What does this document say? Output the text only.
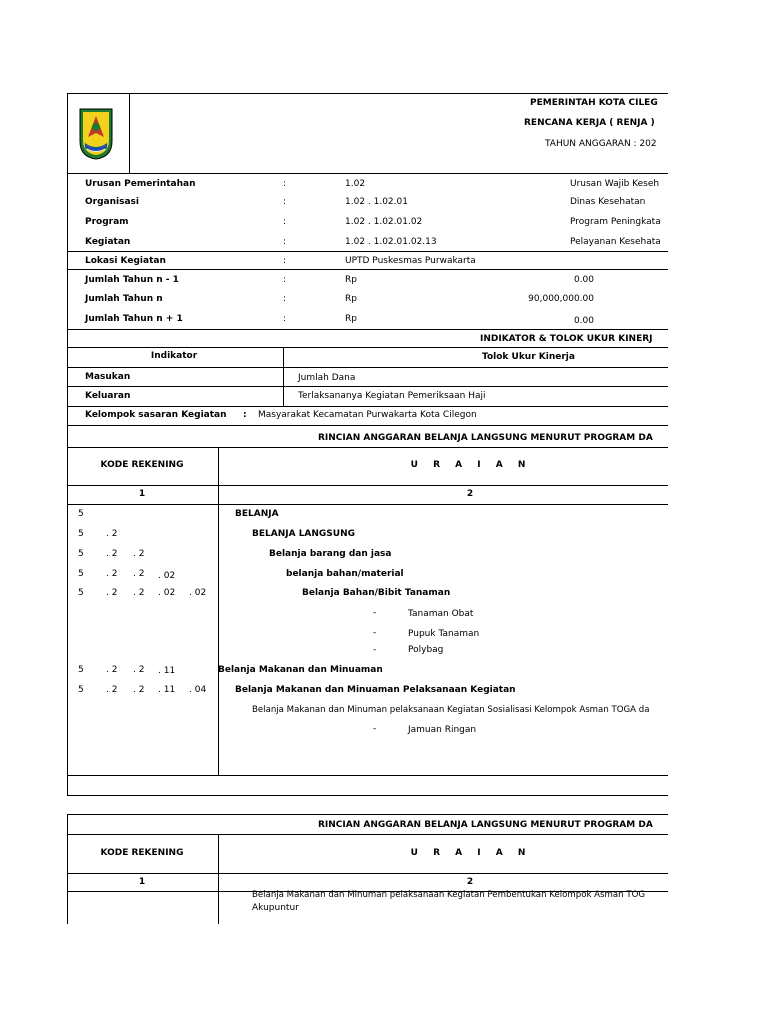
PEMERINTAH KOTA CILEG
RENCANA KERJA ( RENJA )
TAHUN ANGGARAN : 202
Urusan Pemerintahan	:	1.02	Urusan Wajib Keseh
Organisasi	:	1.02 . 1.02.01	Dinas Kesehatan
Program	:	1.02 . 1.02.01.02	Program Peningkata
Kegiatan	:	1.02 . 1.02.01.02.13	Pelayanan Kesehata
Lokasi Kegiatan	:	UPTD Puskesmas Purwakarta
Jumlah Tahun n - 1	:	Rp	0.00
Jumlah Tahun n	:	Rp	90,000,000.00
Jumlah Tahun n + 1	:	Rp	0.00
INDIKATOR & TOLOK UKUR KINERJ
Indikator	Tolok Ukur Kinerja
Masukan	Jumlah Dana
Keluaran	Terlaksananya Kegiatan Pemeriksaan Haji
Kelompok sasaran Kegiatan : Masyarakat Kecamatan Purwakarta Kota Cilegon
RINCIAN ANGGARAN BELANJA LANGSUNG MENURUT PROGRAM DA
KODE REKENING	U R A I A N
1	2
5	BELANJA
5 . 2	BELANJA LANGSUNG
5 . 2 . 2	Belanja barang dan jasa
5 . 2 . 2 . 02	belanja bahan/material
5 . 2 . 2 . 02 . 02	Belanja Bahan/Bibit Tanaman
-	Tanaman Obat
-	Pupuk Tanaman
-	Polybag
5 . 2 . 2 . 11	Belanja Makanan dan Minuaman
5 . 2 . 2 . 11 . 04	Belanja Makanan dan Minuaman Pelaksanaan Kegiatan
Belanja Makanan dan Minuman pelaksanaan Kegiatan Sosialisasi Kelompok Asman TOGA da
-	Jamuan Ringan
RINCIAN ANGGARAN BELANJA LANGSUNG MENURUT PROGRAM DA
KODE REKENING	U R A I A N
1	2
Belanja Makanan dan Minuman pelaksanaan Kegiatan Pembentukan Kelompok Asman TOG
Akupuntur
